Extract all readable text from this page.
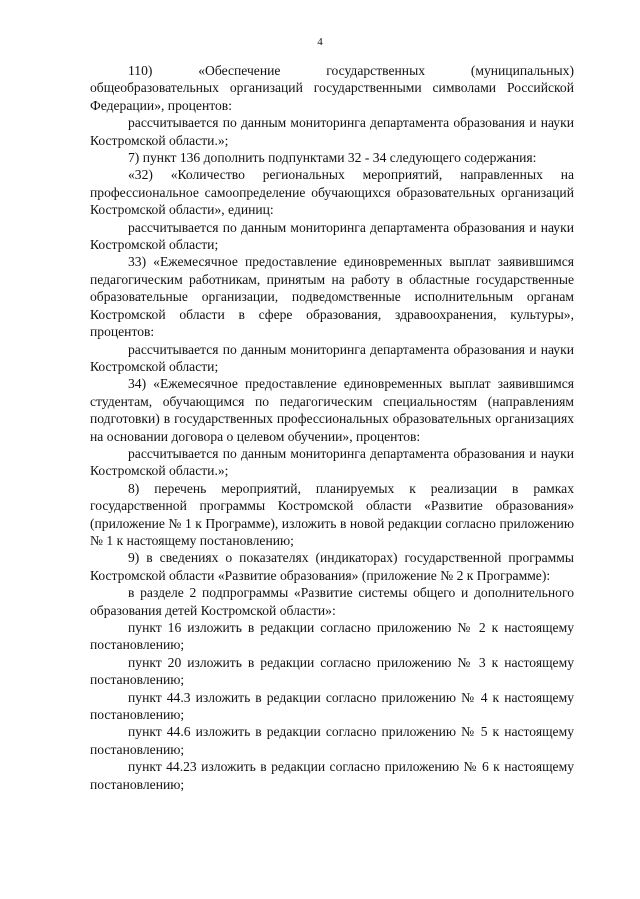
4

110) «Обеспечение государственных (муниципальных) общеобразовательных организаций государственными символами Российской Федерации», процентов:

рассчитывается по данным мониторинга департамента образования и науки Костромской области.»;

7) пункт 136 дополнить подпунктами 32 - 34 следующего содержания:

«32) «Количество региональных мероприятий, направленных на профессиональное самоопределение обучающихся образовательных организаций Костромской области», единиц:

рассчитывается по данным мониторинга департамента образования и науки Костромской области;

33) «Ежемесячное предоставление единовременных выплат заявившимся педагогическим работникам, принятым на работу в областные государственные образовательные организации, подведомственные исполнительным органам Костромской области в сфере образования, здравоохранения, культуры», процентов:

рассчитывается по данным мониторинга департамента образования и науки Костромской области;

34) «Ежемесячное предоставление единовременных выплат заявившимся студентам, обучающимся по педагогическим специальностям (направлениям подготовки) в государственных профессиональных образовательных организациях на основании договора о целевом обучении», процентов:

рассчитывается по данным мониторинга департамента образования и науки Костромской области.»;

8) перечень мероприятий, планируемых к реализации в рамках государственной программы Костромской области «Развитие образования» (приложение № 1 к Программе), изложить в новой редакции согласно приложению № 1 к настоящему постановлению;

9) в сведениях о показателях (индикаторах) государственной программы Костромской области «Развитие образования» (приложение № 2 к Программе):

в разделе 2 подпрограммы «Развитие системы общего и дополнительного образования детей Костромской области»:

пункт 16 изложить в редакции согласно приложению № 2 к настоящему постановлению;

пункт 20 изложить в редакции согласно приложению № 3 к настоящему постановлению;

пункт 44.3 изложить в редакции согласно приложению № 4 к настоящему постановлению;

пункт 44.6 изложить в редакции согласно приложению № 5 к настоящему постановлению;

пункт 44.23 изложить в редакции согласно приложению № 6 к настоящему постановлению;
